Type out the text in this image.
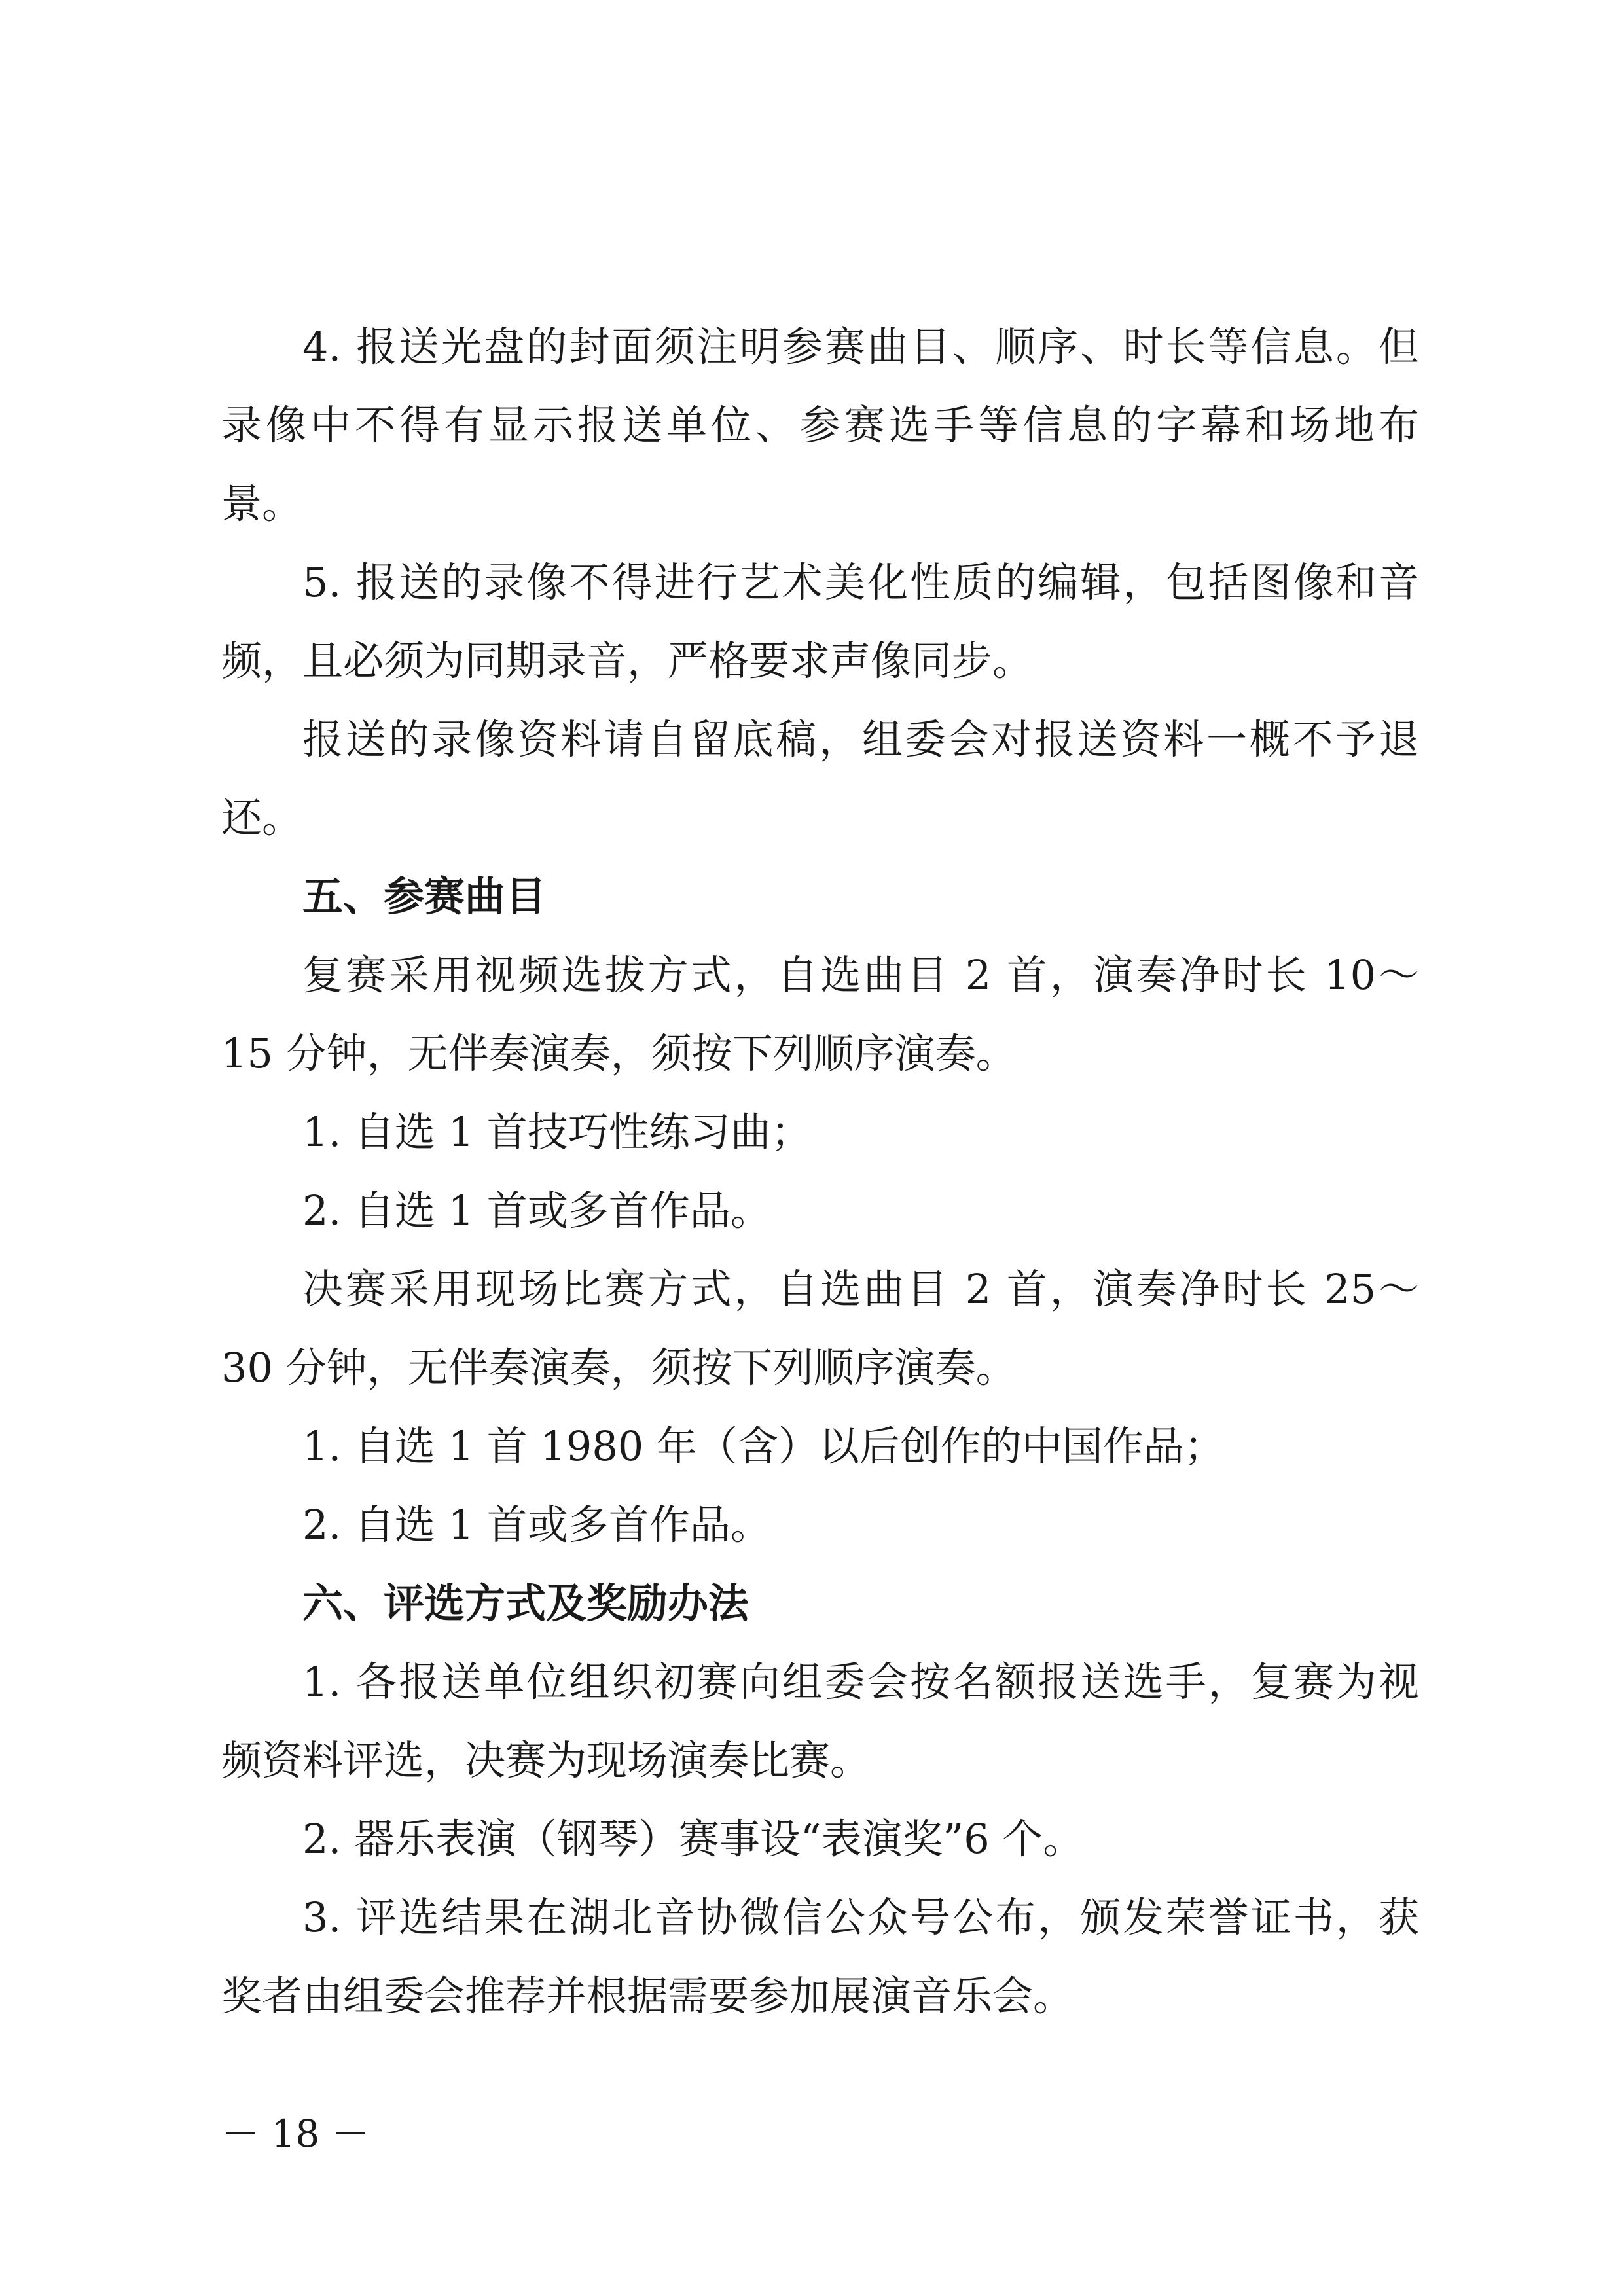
4. 报送光盘的封面须注明参赛曲目、顺序、时长等信息。但
录像中不得有显示报送单位、参赛选手等信息的字幕和场地布
景。
5. 报送的录像不得进行艺术美化性质的编辑，包括图像和音
频，且必须为同期录音，严格要求声像同步。
报送的录像资料请自留底稿，组委会对报送资料一概不予退
还。
五、参赛曲目
复赛采用视频选拔方式，自选曲目 2 首，演奏净时长 10～
15 分钟，无伴奏演奏，须按下列顺序演奏。
1. 自选 1 首技巧性练习曲；
2. 自选 1 首或多首作品。
决赛采用现场比赛方式，自选曲目 2 首，演奏净时长 25～
30 分钟，无伴奏演奏，须按下列顺序演奏。
1. 自选 1 首 1980 年（含）以后创作的中国作品；
2. 自选 1 首或多首作品。
六、评选方式及奖励办法
1. 各报送单位组织初赛向组委会按名额报送选手，复赛为视
频资料评选，决赛为现场演奏比赛。
2. 器乐表演（钢琴）赛事设“表演奖”6 个。
3. 评选结果在湖北音协微信公众号公布，颁发荣誉证书，获
奖者由组委会推荐并根据需要参加展演音乐会。
－ 18 －
